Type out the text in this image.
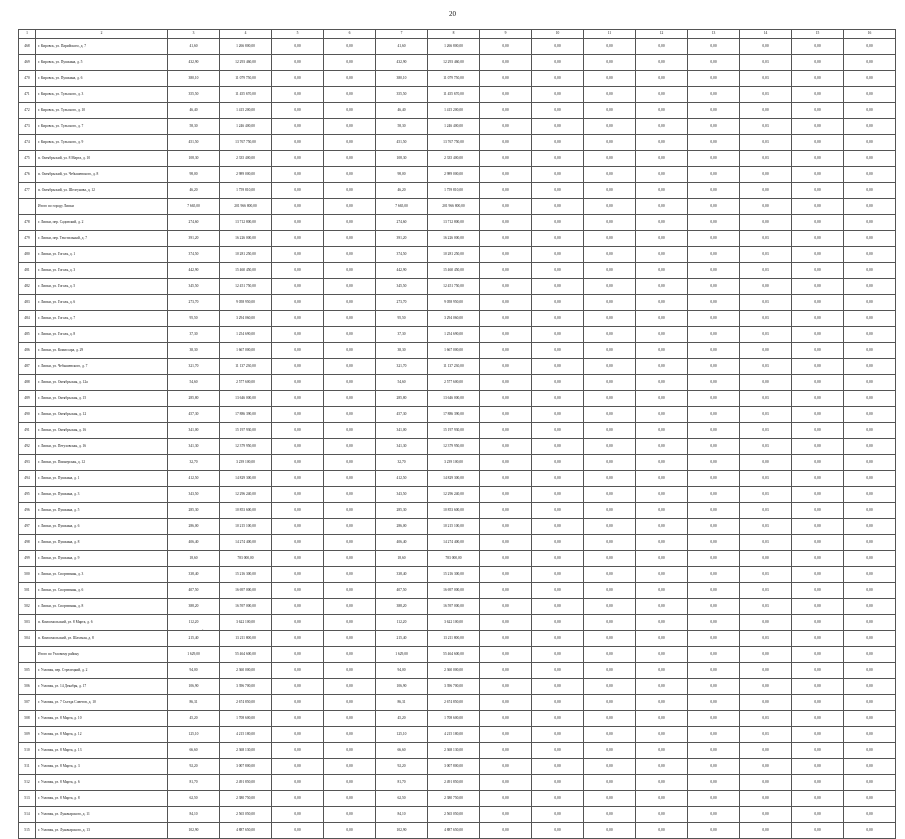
20
1	2	3	4	5	6	7	8	9	10	11	12	13	14	15	16
468	г. Кировск, ул. Парийского, д. 7	41,60	1 266 800,00	0,00	0,00	41,60	1 266 800,00	0,00	0,00	0,00	0,00	0,00	0,00	0,00	0,00
469	г. Кировск, ул. Пушкина, д. 5	432,90	12 293 460,00	0,00	0,00	432,90	12 293 460,00	0,00	0,00	0,00	0,00	0,00	0,03	0,00	0,00
470	г. Кировск, ул. Пушкина, д. 6	380,10	11 079 750,00	0,00	0,00	380,10	11 079 750,00	0,00	0,00	0,00	0,00	0,00	0,03	0,00	0,00
471	г. Кировск, ул. Тульского, д. 3	355,50	11 455 670,00	0,00	0,00	355,50	11 455 670,00	0,00	0,00	0,00	0,00	0,00	0,03	0,00	0,00
472	г. Кировск, ул. Тульского, д. 10	46,40	1 415 200,00	0,00	0,00	46,40	1 415 200,00	0,00	0,00	0,00	0,00	0,00	0,00	0,00	0,00
473	г. Кировск, ул. Тульского, д. 7	58,30	1 246 400,00	0,00	0,00	58,30	1 246 400,00	0,00	0,00	0,00	0,00	0,00	0,03	0,00	0,00
474	г. Кировск, ул. Тульского, д. 9	451,50	13 767 750,00	0,00	0,00	451,50	13 767 750,00	0,00	0,00	0,00	0,00	0,00	0,03	0,00	0,00
475	п. Октябрьский, ул. 8 Марта, д. 10	108,30	2 335 400,00	0,00	0,00	108,30	2 335 400,00	0,00	0,00	0,00	0,00	0,00	0,03	0,00	0,00
476	п. Октябрьский, ул. Чебышевского, д. 8	98,00	2 989 000,00	0,00	0,00	98,00	2 989 000,00	0,00	0,00	0,00	0,00	0,00	0,00	0,00	0,00
477	п. Октябрьский, ул. Шелгунова, д. 12	46,20	1 759 810,00	0,00	0,00	46,20	1 759 810,00	0,00	0,00	0,00	0,00	0,00	0,00	0,00	0,00
	Итого по городу Липки	7 665,00	201 966 800,00	0,00	0,00	7 665,00	201 966 800,00	0,00	0,00	0,00	0,00	0,00	0,00	0,00	0,00
478	г. Липки, пер. Садовский, д. 2	274,60	13 712 800,00	0,00	0,00	274,60	13 712 800,00	0,00	0,00	0,00	0,00	0,00	0,00	0,00	0,00
479	г. Липки, пер. Текстильный, д. 7	391,20	16 226 000,00	0,00	0,00	391,20	16 226 000,00	0,00	0,00	0,00	0,00	0,00	0,03	0,00	0,00
480	г. Липки, ул. Гоголя, д. 1	374,50	10 281 250,00	0,00	0,00	374,50	10 281 250,00	0,00	0,00	0,00	0,00	0,00	0,03	0,00	0,00
481	г. Липки, ул. Гоголя, д. 3	442,90	15 460 450,00	0,00	0,00	442,90	15 460 450,00	0,00	0,00	0,00	0,00	0,00	0,03	0,00	0,00
482	г. Липки, ул. Гоголя, д. 5	345,50	12 451 750,00	0,00	0,00	345,50	12 451 750,00	0,00	0,00	0,00	0,00	0,00	0,00	0,00	0,00
483	г. Липки, ул. Гоголя, д. 6	273,70	9 058 950,00	0,00	0,00	273,70	9 058 950,00	0,00	0,00	0,00	0,00	0,00	0,03	0,00	0,00
484	г. Липки, ул. Гоголя, д. 7	95,50	3 294 060,00	0,00	0,00	95,50	3 294 060,00	0,00	0,00	0,00	0,00	0,00	0,03	0,00	0,00
485	г. Липки, ул. Гоголя, д. 8	37,30	1 254 690,00	0,00	0,00	37,30	1 254 690,00	0,00	0,00	0,00	0,00	0,00	0,03	0,00	0,00
486	г. Липки, ул. Комиссара, д. 29	38,30	1 667 000,00	0,00	0,00	38,30	1 667 000,00	0,00	0,00	0,00	0,00	0,00	0,00	0,00	0,00
487	г. Липки, ул. Чебышевского, д. 7	321,70	11 137 230,00	0,00	0,00	321,70	11 137 230,00	0,00	0,00	0,00	0,00	0,00	0,03	0,00	0,00
488	г. Липки, ул. Октябрьская, д. 12а	54,60	2 577 600,00	0,00	0,00	54,60	2 577 600,00	0,00	0,00	0,00	0,00	0,00	0,00	0,00	0,00
489	г. Липки, ул. Октябрьская, д. 15	285,80	13 646 000,00	0,00	0,00	285,80	13 646 000,00	0,00	0,00	0,00	0,00	0,00	0,03	0,00	0,00
490	г. Липки, ул. Октябрьская, д. 12	457,30	17 886 390,00	0,00	0,00	457,30	17 886 390,00	0,00	0,00	0,00	0,00	0,00	0,03	0,00	0,00
491	г. Липки, ул. Октябрьская, д. 16	341,00	15 197 930,00	0,00	0,00	341,00	15 197 930,00	0,00	0,00	0,00	0,00	0,00	0,03	0,00	0,00
492	г. Липки, ул. Петуховская, д. 16	341,30	12 379 950,00	0,00	0,00	341,30	12 379 950,00	0,00	0,00	0,00	0,00	0,00	0,03	0,00	0,00
493	г. Липки, ул. Пионерская, д. 12	32,70	3 239 100,00	0,00	0,00	32,70	3 239 100,00	0,00	0,00	0,00	0,00	0,00	0,00	0,00	0,00
494	г. Липки, ул. Пушкина, д. 1	412,50	14 829 300,00	0,00	0,00	412,50	14 829 300,00	0,00	0,00	0,00	0,00	0,00	0,03	0,00	0,00
495	г. Липки, ул. Пушкина, д. 3	343,50	12 296 240,00	0,00	0,00	343,50	12 296 240,00	0,00	0,00	0,00	0,00	0,00	0,03	0,00	0,00
496	г. Липки, ул. Пушкина, д. 5	285,30	10 853 600,00	0,00	0,00	285,30	10 853 600,00	0,00	0,00	0,00	0,00	0,00	0,03	0,00	0,00
497	г. Липки, ул. Пушкина, д. 6	286,00	10 215 100,00	0,00	0,00	286,00	10 215 100,00	0,00	0,00	0,00	0,00	0,00	0,03	0,00	0,00
498	г. Липки, ул. Пушкина, д. 8	406,40	14 274 400,00	0,00	0,00	406,40	14 274 400,00	0,00	0,00	0,00	0,00	0,00	0,03	0,00	0,00
499	г. Липки, ул. Пушкина, д. 9	18,60	783 000,00	0,00	0,00	18,60	783 000,00	0,00	0,00	0,00	0,00	0,00	0,00	0,00	0,00
500	г. Липки, ул. Спортивная, д. 3	338,40	15 216 300,00	0,00	0,00	338,40	15 216 300,00	0,00	0,00	0,00	0,00	0,00	0,03	0,00	0,00
501	г. Липки, ул. Спортивная, д. 6	407,50	16 697 000,00	0,00	0,00	407,50	16 697 000,00	0,00	0,00	0,00	0,00	0,00	0,03	0,00	0,00
502	г. Липки, ул. Спортивная, д. 8	388,20	16 597 000,00	0,00	0,00	388,20	16 597 000,00	0,00	0,00	0,00	0,00	0,00	0,03	0,00	0,00
503	п. Комсомольский, ул. 8 Марта, д. 6	112,20	3 622 100,00	0,00	0,00	112,20	3 622 100,00	0,00	0,00	0,00	0,00	0,00	0,00	0,00	0,00
504	п. Комсомольский, ул. Шахтная, д. 8	215,40	13 211 800,00	0,00	0,00	215,40	13 211 800,00	0,00	0,00	0,00	0,00	0,00	0,03	0,00	0,00
	Итого по Узловому району	1 629,00	55 464 600,00	0,00	0,00	1 629,00	55 464 600,00	0,00	0,00	0,00	0,00	0,00	0,00	0,00	0,00
505	г. Узловая, пер. Стрелецкий, д. 2	94,00	2 360 000,00	0,00	0,00	94,00	2 360 000,00	0,00	0,00	0,00	0,00	0,00	0,00	0,00	0,00
506	г. Узловая, ул. 14 Декабря, д. 17	106,90	3 396 700,00	0,00	0,00	106,90	3 396 700,00	0,00	0,00	0,00	0,00	0,00	0,00	0,00	0,00
507	г. Узловая, ул. 7 Съезда Советов, д. 10	86,31	2 674 850,00	0,00	0,00	86,31	2 674 850,00	0,00	0,00	0,00	0,00	0,00	0,00	0,00	0,00
508	г. Узловая, ул. 8 Марта, д. 10	45,20	1 708 600,00	0,00	0,00	45,20	1 708 600,00	0,00	0,00	0,00	0,00	0,00	0,03	0,00	0,00
509	г. Узловая, ул. 8 Марта, д. 12	125,10	4 215 180,00	0,00	0,00	125,10	4 215 180,00	0,00	0,00	0,00	0,00	0,00	0,03	0,00	0,00
510	г. Узловая, ул. 8 Марта, д. 13	66,60	2 368 130,00	0,00	0,00	66,60	2 368 130,00	0,00	0,00	0,00	0,00	0,00	0,00	0,00	0,00
511	г. Узловая, ул. 8 Марта, д. 3	92,20	3 007 800,00	0,00	0,00	92,20	3 007 800,00	0,00	0,00	0,00	0,00	0,00	0,00	0,00	0,00
512	г. Узловая, ул. 8 Марта, д. 6	81,70	2 491 850,00	0,00	0,00	81,70	2 491 850,00	0,00	0,00	0,00	0,00	0,00	0,00	0,00	0,00
513	г. Узловая, ул. 8 Марта, д. 8	62,50	2 380 750,00	0,00	0,00	62,50	2 380 750,00	0,00	0,00	0,00	0,00	0,00	0,00	0,00	0,00
514	г. Узловая, ул. Луначарского, д. 11	84,10	2 565 050,00	0,00	0,00	84,10	2 565 050,00	0,00	0,00	0,00	0,00	0,00	0,00	0,00	0,00
515	г. Узловая, ул. Луначарского, д. 13	102,90	4 887 650,00	0,00	0,00	102,90	4 887 650,00	0,00	0,00	0,00	0,00	0,00	0,00	0,00	0,00
·
